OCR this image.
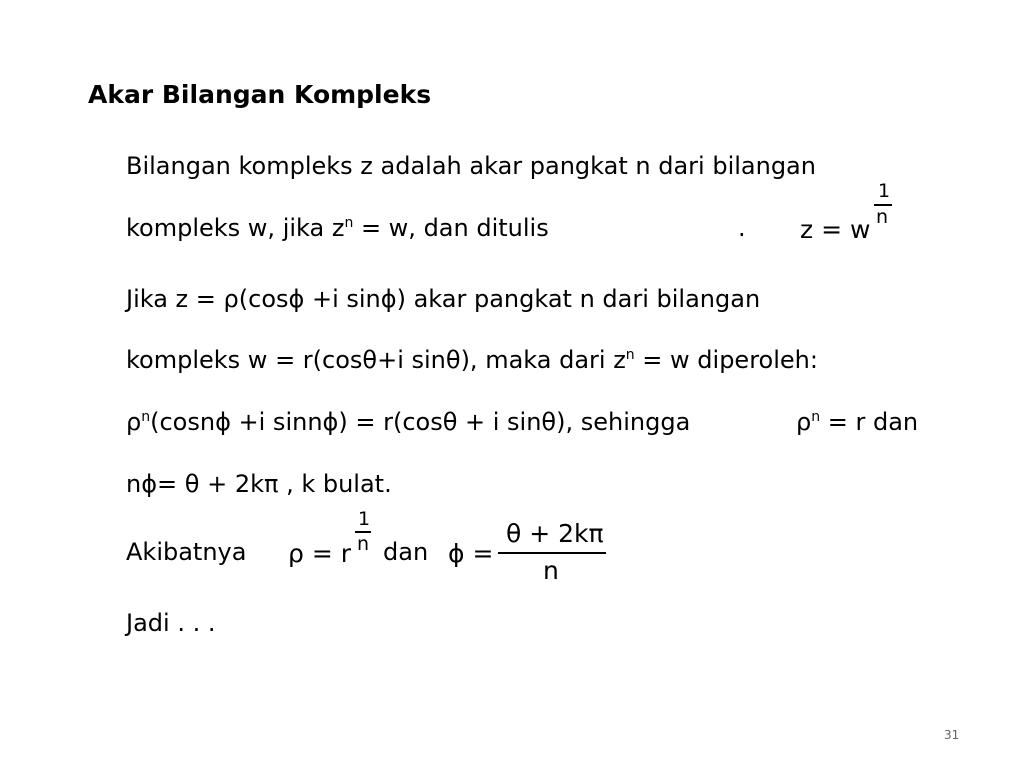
Akar Bilangan Kompleks
Bilangan kompleks z adalah akar pangkat n dari bilangan
kompleks w, jika $z^n = w$, dan ditulis	. z = w
1
n
Jika z = ρ(cosϕ +i sinϕ) akar pangkat n dari bilangan
kompleks w = r(cosθ+i sinθ), maka dari $z^n = w$ diperoleh:
$\rho^n(\cos n\phi +i$ sinnϕ) = r(cosθ + i sinθ), sehingga	$\rho^n = r$ dan
nϕ= θ + 2kπ , k bulat.
Akibatnya ρ = r
1
n dan ϕ =
θ + 2kπ
n
Jadi . . .
31
